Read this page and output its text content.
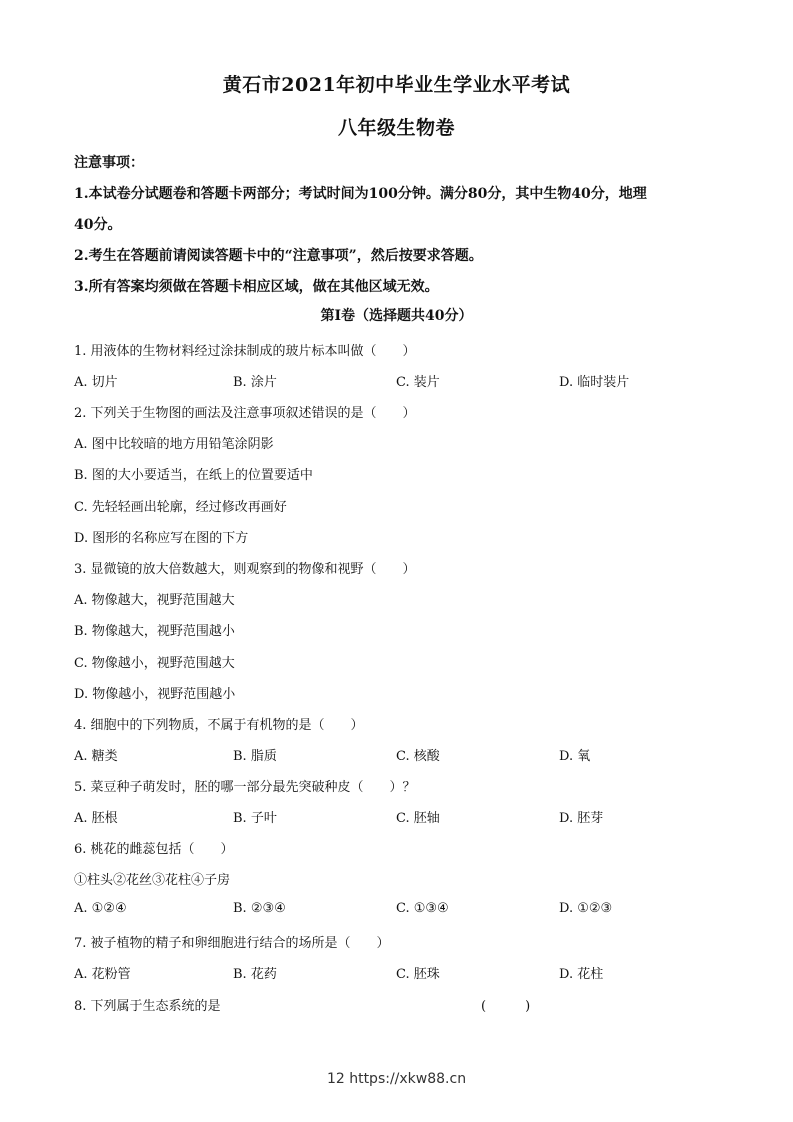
黄石市2021年初中毕业生学业水平考试
八年级生物卷
注意事项：
1.本试卷分试题卷和答题卡两部分；考试时间为100分钟。满分80分，其中生物40分，地理
40分。
2.考生在答题前请阅读答题卡中的“注意事项”，然后按要求答题。
3.所有答案均须做在答题卡相应区域，做在其他区域无效。
第I卷（选择题共40分）
1. 用液体的生物材料经过涂抹制成的玻片标本叫做（　　）
A. 切片	B. 涂片	C. 装片	D. 临时装片
2. 下列关于生物图的画法及注意事项叙述错误的是（　　）
A. 图中比较暗的地方用铅笔涂阴影
B. 图的大小要适当，在纸上的位置要适中
C. 先轻轻画出轮廓，经过修改再画好
D. 图形的名称应写在图的下方
3. 显微镜的放大倍数越大，则观察到的物像和视野（　　）
A. 物像越大，视野范围越大
B. 物像越大，视野范围越小
C. 物像越小，视野范围越大
D. 物像越小，视野范围越小
4. 细胞中的下列物质，不属于有机物的是（　　）
A. 糖类	B. 脂质	C. 核酸	D. 氧
5. 菜豆种子萌发时，胚的哪一部分最先突破种皮（　　）？
A. 胚根	B. 子叶	C. 胚轴	D. 胚芽
6. 桃花的雌蕊包括（　　）
①柱头②花丝③花柱④子房
A. ①②④	B. ②③④	C. ①③④	D. ①②③
7. 被子植物的精子和卵细胞进行结合的场所是（　　）
A. 花粉管	B. 花药	C. 胚珠	D. 花柱
8. 下列属于生态系统的是	(　　　)
12 https://xkw88.cn
